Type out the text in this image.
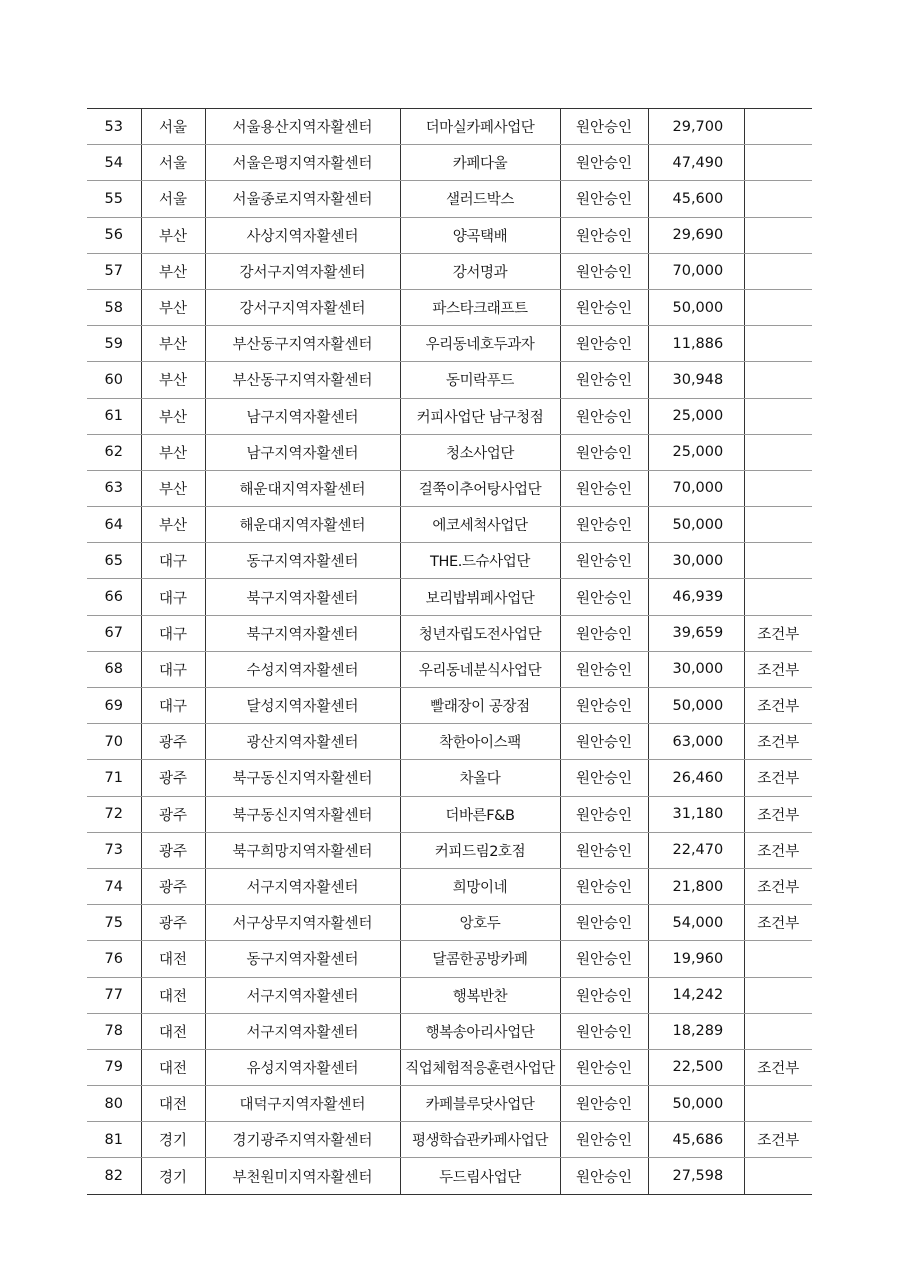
53	서울	서울용산지역자활센터	더마실카페사업단	원안승인	29,700	
54	서울	서울은평지역자활센터	카페다울	원안승인	47,490	
55	서울	서울종로지역자활센터	샐러드박스	원안승인	45,600	
56	부산	사상지역자활센터	양곡택배	원안승인	29,690	
57	부산	강서구지역자활센터	강서명과	원안승인	70,000	
58	부산	강서구지역자활센터	파스타크래프트	원안승인	50,000	
59	부산	부산동구지역자활센터	우리동네호두과자	원안승인	11,886	
60	부산	부산동구지역자활센터	동미락푸드	원안승인	30,948	
61	부산	남구지역자활센터	커피사업단 남구청점	원안승인	25,000	
62	부산	남구지역자활센터	청소사업단	원안승인	25,000	
63	부산	해운대지역자활센터	걸쭉이추어탕사업단	원안승인	70,000	
64	부산	해운대지역자활센터	에코세척사업단	원안승인	50,000	
65	대구	동구지역자활센터	THE.드슈사업단	원안승인	30,000	
66	대구	북구지역자활센터	보리밥뷔페사업단	원안승인	46,939	
67	대구	북구지역자활센터	청년자립도전사업단	원안승인	39,659	조건부
68	대구	수성지역자활센터	우리동네분식사업단	원안승인	30,000	조건부
69	대구	달성지역자활센터	빨래장이 공장점	원안승인	50,000	조건부
70	광주	광산지역자활센터	착한아이스팩	원안승인	63,000	조건부
71	광주	북구동신지역자활센터	차올다	원안승인	26,460	조건부
72	광주	북구동신지역자활센터	더바른F&B	원안승인	31,180	조건부
73	광주	북구희망지역자활센터	커피드림2호점	원안승인	22,470	조건부
74	광주	서구지역자활센터	희망이네	원안승인	21,800	조건부
75	광주	서구상무지역자활센터	앙호두	원안승인	54,000	조건부
76	대전	동구지역자활센터	달콤한공방카페	원안승인	19,960	
77	대전	서구지역자활센터	행복반찬	원안승인	14,242	
78	대전	서구지역자활센터	행복송아리사업단	원안승인	18,289	
79	대전	유성지역자활센터	직업체험적응훈련사업단	원안승인	22,500	조건부
80	대전	대덕구지역자활센터	카페블루닷사업단	원안승인	50,000	
81	경기	경기광주지역자활센터	평생학습관카페사업단	원안승인	45,686	조건부
82	경기	부천원미지역자활센터	두드림사업단	원안승인	27,598	
